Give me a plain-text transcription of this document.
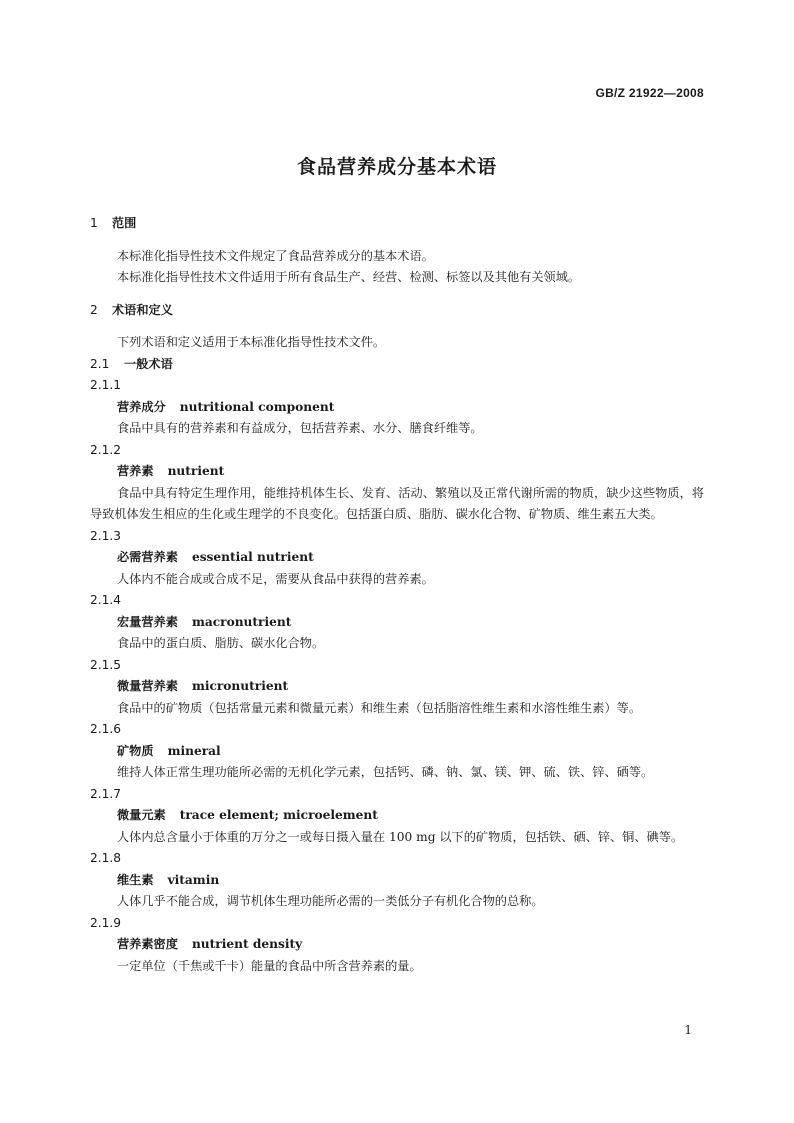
GB/Z 21922—2008
食品营养成分基本术语
1	范围
本标准化指导性技术文件规定了食品营养成分的基本术语。
本标准化指导性技术文件适用于所有食品生产、经营、检测、标签以及其他有关领域。
2	术语和定义
下列术语和定义适用于本标准化指导性技术文件。
2.1	一般术语
2.1.1
营养成分 nutritional component
食品中具有的营养素和有益成分，包括营养素、水分、膳食纤维等。
2.1.2
营养素 nutrient
食品中具有特定生理作用，能维持机体生长、发育、活动、繁殖以及正常代谢所需的物质，缺少这些物质，将导致机体发生相应的生化或生理学的不良变化。包括蛋白质、脂肪、碳水化合物、矿物质、维生素五大类。
2.1.3
必需营养素 essential nutrient
人体内不能合成或合成不足，需要从食品中获得的营养素。
2.1.4
宏量营养素 macronutrient
食品中的蛋白质、脂肪、碳水化合物。
2.1.5
微量营养素 micronutrient
食品中的矿物质（包括常量元素和微量元素）和维生素（包括脂溶性维生素和水溶性维生素）等。
2.1.6
矿物质 mineral
维持人体正常生理功能所必需的无机化学元素，包括钙、磷、钠、氯、镁、钾、硫、铁、锌、硒等。
2.1.7
微量元素 trace element; microelement
人体内总含量小于体重的万分之一或每日摄入量在 100 mg 以下的矿物质，包括铁、硒、锌、铜、碘等。
2.1.8
维生素 vitamin
人体几乎不能合成，调节机体生理功能所必需的一类低分子有机化合物的总称。
2.1.9
营养素密度 nutrient density
一定单位（千焦或千卡）能量的食品中所含营养素的量。
1
